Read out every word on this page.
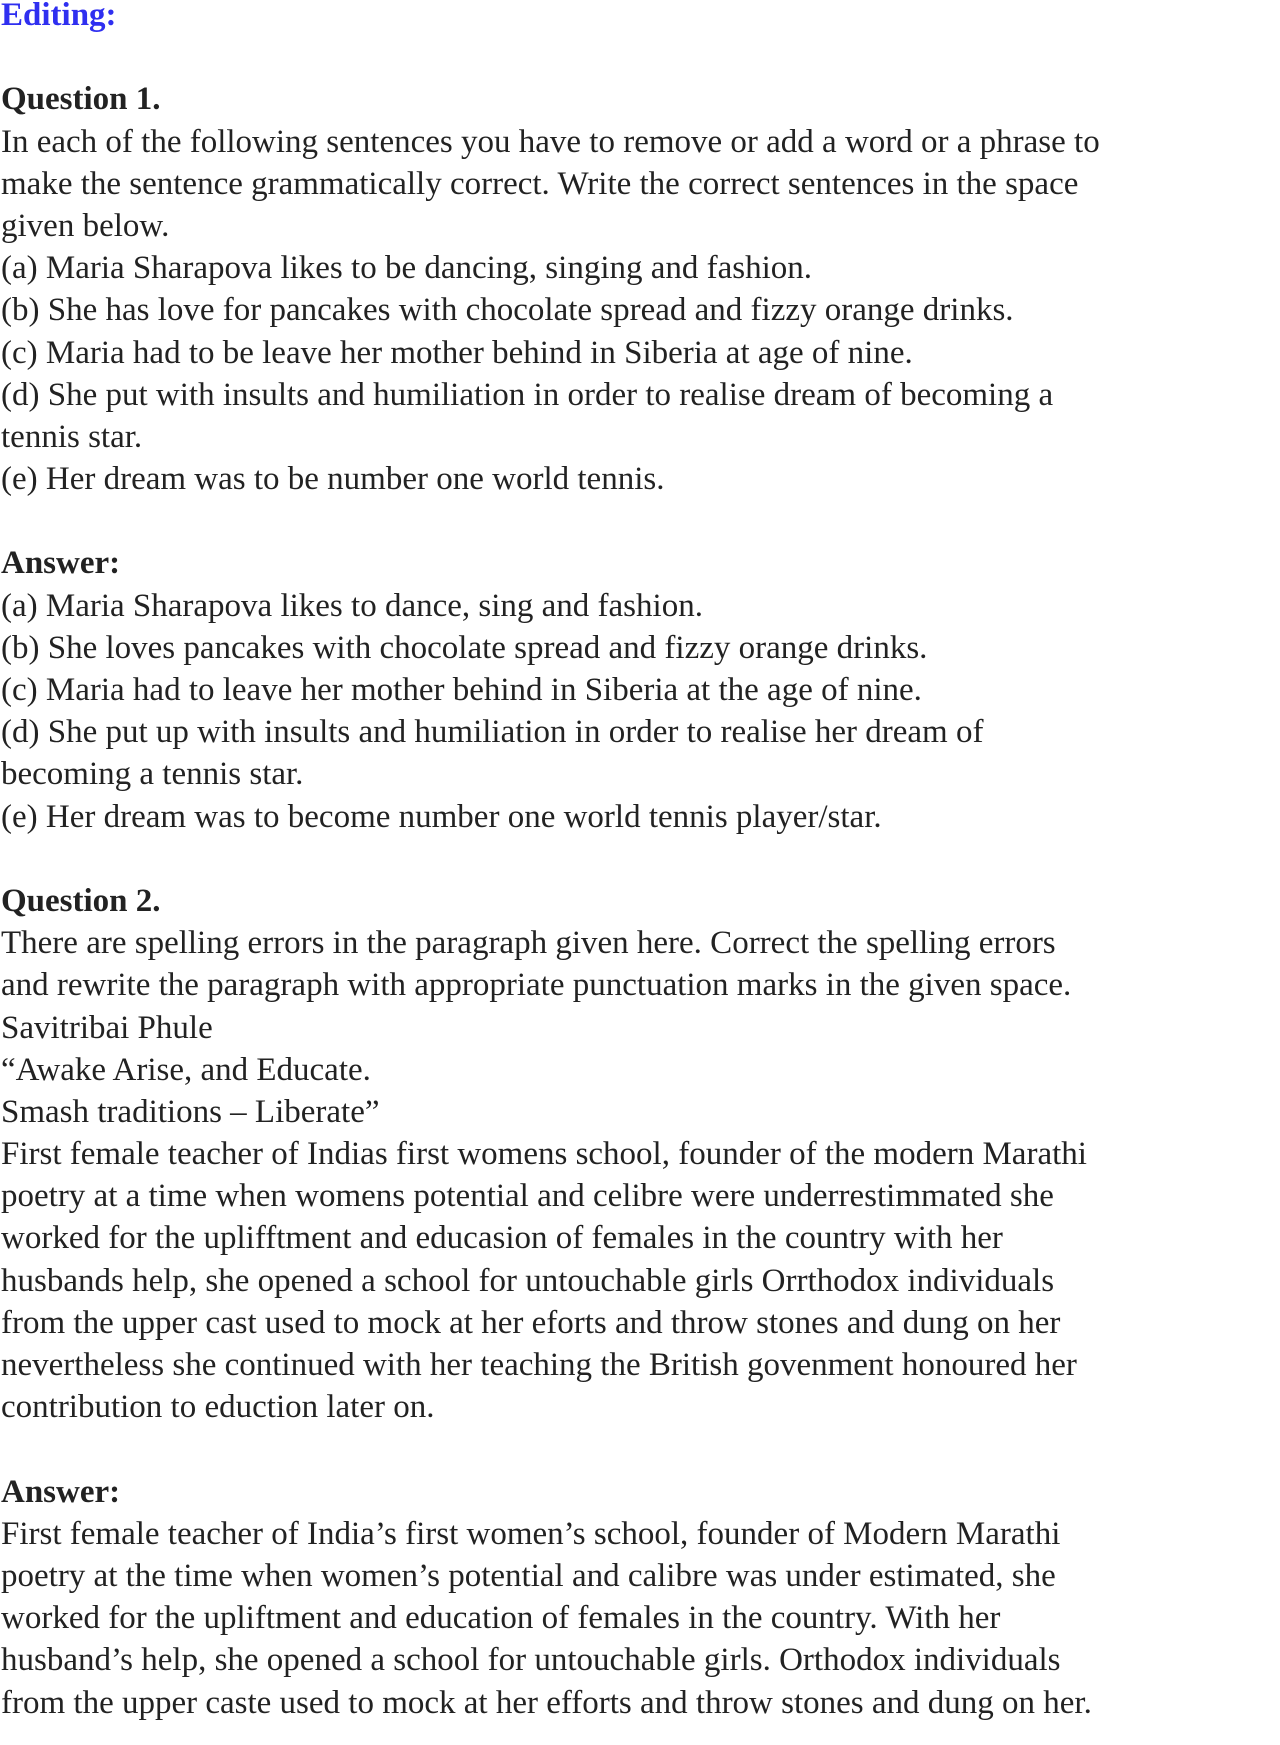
Editing:
Question 1.
In each of the following sentences you have to remove or add a word or a phrase to
make the sentence grammatically correct. Write the correct sentences in the space
given below.
(a) Maria Sharapova likes to be dancing, singing and fashion.
(b) She has love for pancakes with chocolate spread and fizzy orange drinks.
(c) Maria had to be leave her mother behind in Siberia at age of nine.
(d) She put with insults and humiliation in order to realise dream of becoming a
tennis star.
(e) Her dream was to be number one world tennis.
Answer:
(a) Maria Sharapova likes to dance, sing and fashion.
(b) She loves pancakes with chocolate spread and fizzy orange drinks.
(c) Maria had to leave her mother behind in Siberia at the age of nine.
(d) She put up with insults and humiliation in order to realise her dream of
becoming a tennis star.
(e) Her dream was to become number one world tennis player/star.
Question 2.
There are spelling errors in the paragraph given here. Correct the spelling errors
and rewrite the paragraph with appropriate punctuation marks in the given space.
Savitribai Phule
“Awake Arise, and Educate.
Smash traditions – Liberate”
First female teacher of Indias first womens school, founder of the modern Marathi
poetry at a time when womens potential and celibre were underrestimmated she
worked for the uplifftment and educasion of females in the country with her
husbands help, she opened a school for untouchable girls Orrthodox individuals
from the upper cast used to mock at her eforts and throw stones and dung on her
nevertheless she continued with her teaching the British govenment honoured her
contribution to eduction later on.
Answer:
First female teacher of India’s first women’s school, founder of Modern Marathi
poetry at the time when women’s potential and calibre was under estimated, she
worked for the upliftment and education of females in the country. With her
husband’s help, she opened a school for untouchable girls. Orthodox individuals
from the upper caste used to mock at her efforts and throw stones and dung on her.
